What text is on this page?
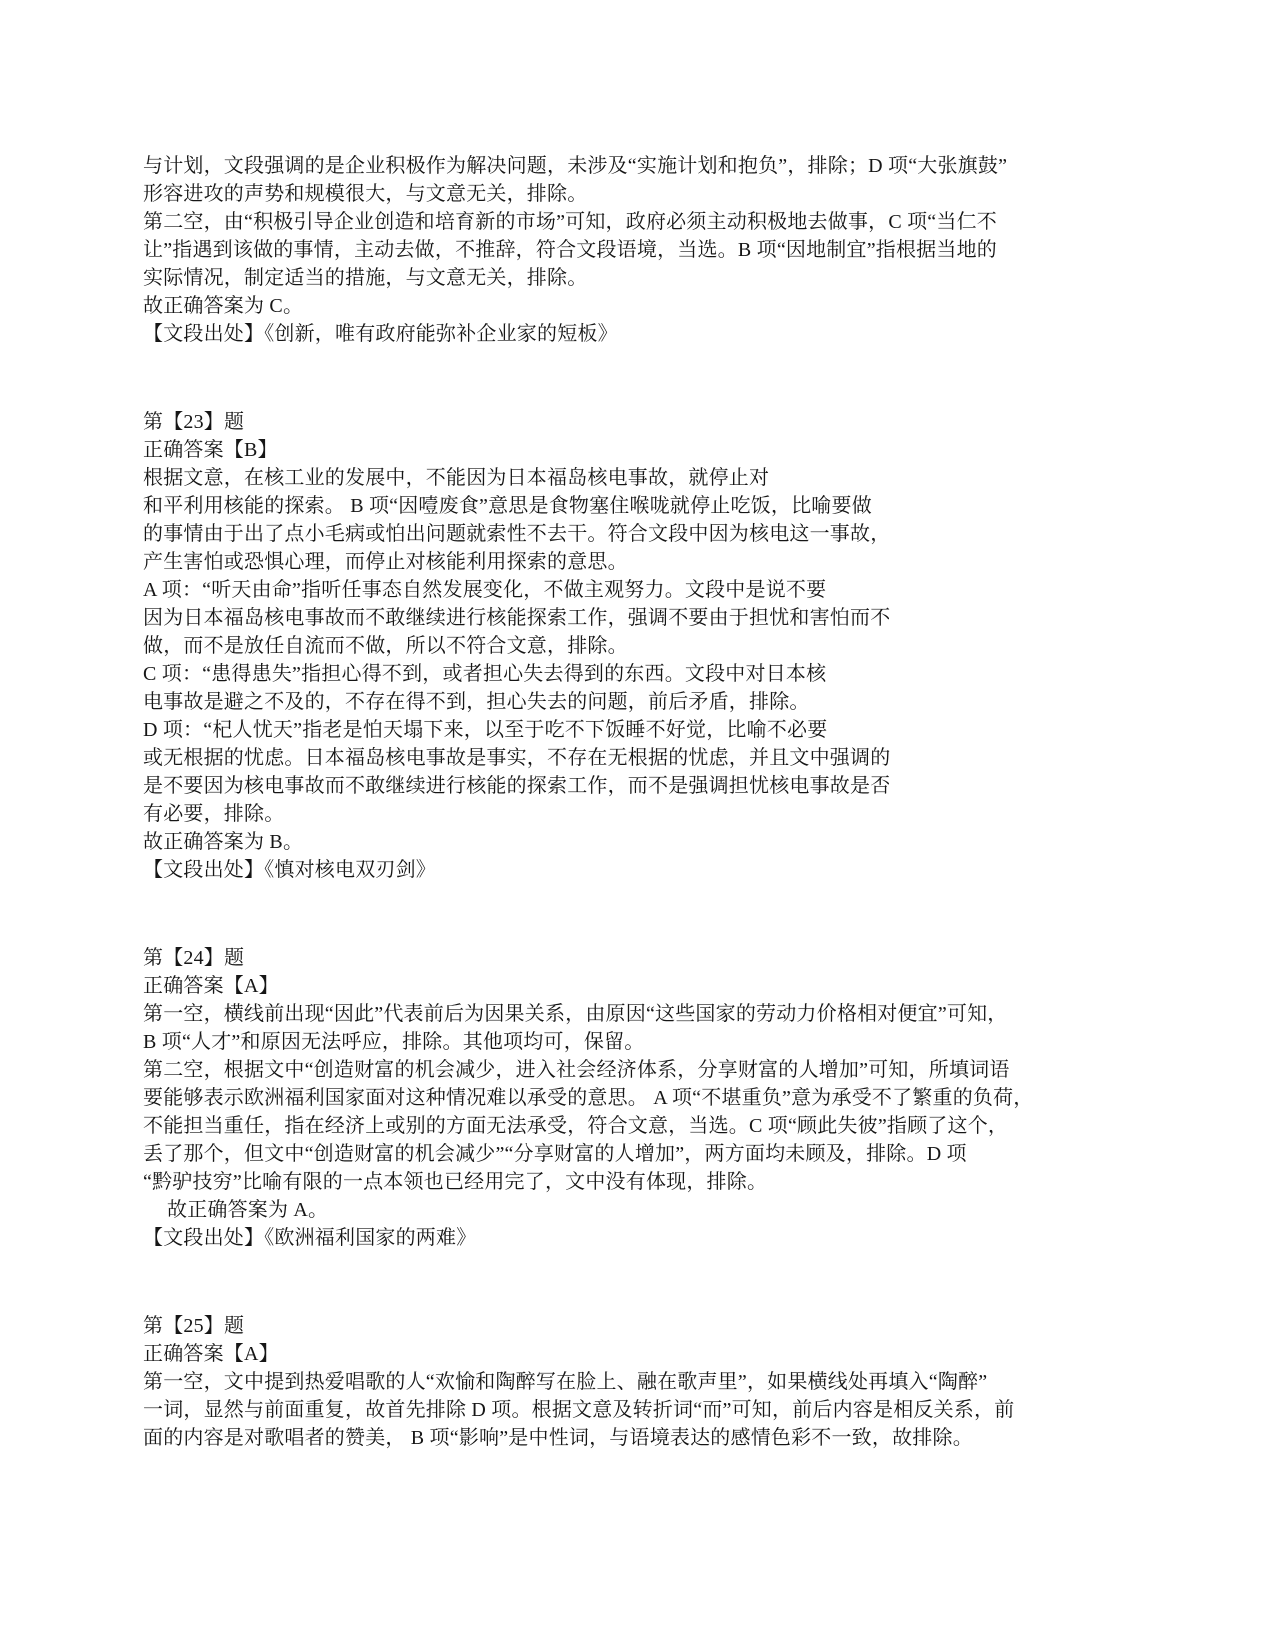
与计划，文段强调的是企业积极作为解决问题，未涉及“实施计划和抱负”，排除；D 项“大张旗鼓”
形容进攻的声势和规模很大，与文意无关，排除。
第二空，由“积极引导企业创造和培育新的市场”可知，政府必须主动积极地去做事，C 项“当仁不
让”指遇到该做的事情，主动去做，不推辞，符合文段语境，当选。B 项“因地制宜”指根据当地的
实际情况，制定适当的措施，与文意无关，排除。
故正确答案为 C。
【文段出处】《创新，唯有政府能弥补企业家的短板》
第【23】题
正确答案【B】
根据文意，在核工业的发展中，不能因为日本福岛核电事故，就停止对
和平利用核能的探索。 B 项“因噎废食”意思是食物塞住喉咙就停止吃饭，比喻要做
的事情由于出了点小毛病或怕出问题就索性不去干。符合文段中因为核电这一事故，
产生害怕或恐惧心理，而停止对核能利用探索的意思。
A 项：“听天由命”指听任事态自然发展变化，不做主观努力。文段中是说不要
因为日本福岛核电事故而不敢继续进行核能探索工作，强调不要由于担忧和害怕而不
做，而不是放任自流而不做，所以不符合文意，排除。
C 项：“患得患失”指担心得不到，或者担心失去得到的东西。文段中对日本核
电事故是避之不及的，不存在得不到，担心失去的问题，前后矛盾，排除。
D 项：“杞人忧天”指老是怕天塌下来，以至于吃不下饭睡不好觉，比喻不必要
或无根据的忧虑。日本福岛核电事故是事实，不存在无根据的忧虑，并且文中强调的
是不要因为核电事故而不敢继续进行核能的探索工作，而不是强调担忧核电事故是否
有必要，排除。
故正确答案为 B。
【文段出处】《慎对核电双刃剑》
第【24】题
正确答案【A】
第一空，横线前出现“因此”代表前后为因果关系，由原因“这些国家的劳动力价格相对便宜”可知，
B 项“人才”和原因无法呼应，排除。其他项均可，保留。
第二空，根据文中“创造财富的机会减少，进入社会经济体系，分享财富的人增加”可知，所填词语
要能够表示欧洲福利国家面对这种情况难以承受的意思。 A 项“不堪重负”意为承受不了繁重的负荷，
不能担当重任，指在经济上或别的方面无法承受，符合文意，当选。C 项“顾此失彼”指顾了这个，
丢了那个，但文中“创造财富的机会减少”“分享财富的人增加”，两方面均未顾及，排除。D 项
“黔驴技穷”比喻有限的一点本领也已经用完了，文中没有体现，排除。
故正确答案为 A。
【文段出处】《欧洲福利国家的两难》
第【25】题
正确答案【A】
第一空，文中提到热爱唱歌的人“欢愉和陶醉写在脸上、融在歌声里”，如果横线处再填入“陶醉”
一词，显然与前面重复，故首先排除 D 项。根据文意及转折词“而”可知，前后内容是相反关系，前
面的内容是对歌唱者的赞美， B 项“影响”是中性词，与语境表达的感情色彩不一致，故排除。
